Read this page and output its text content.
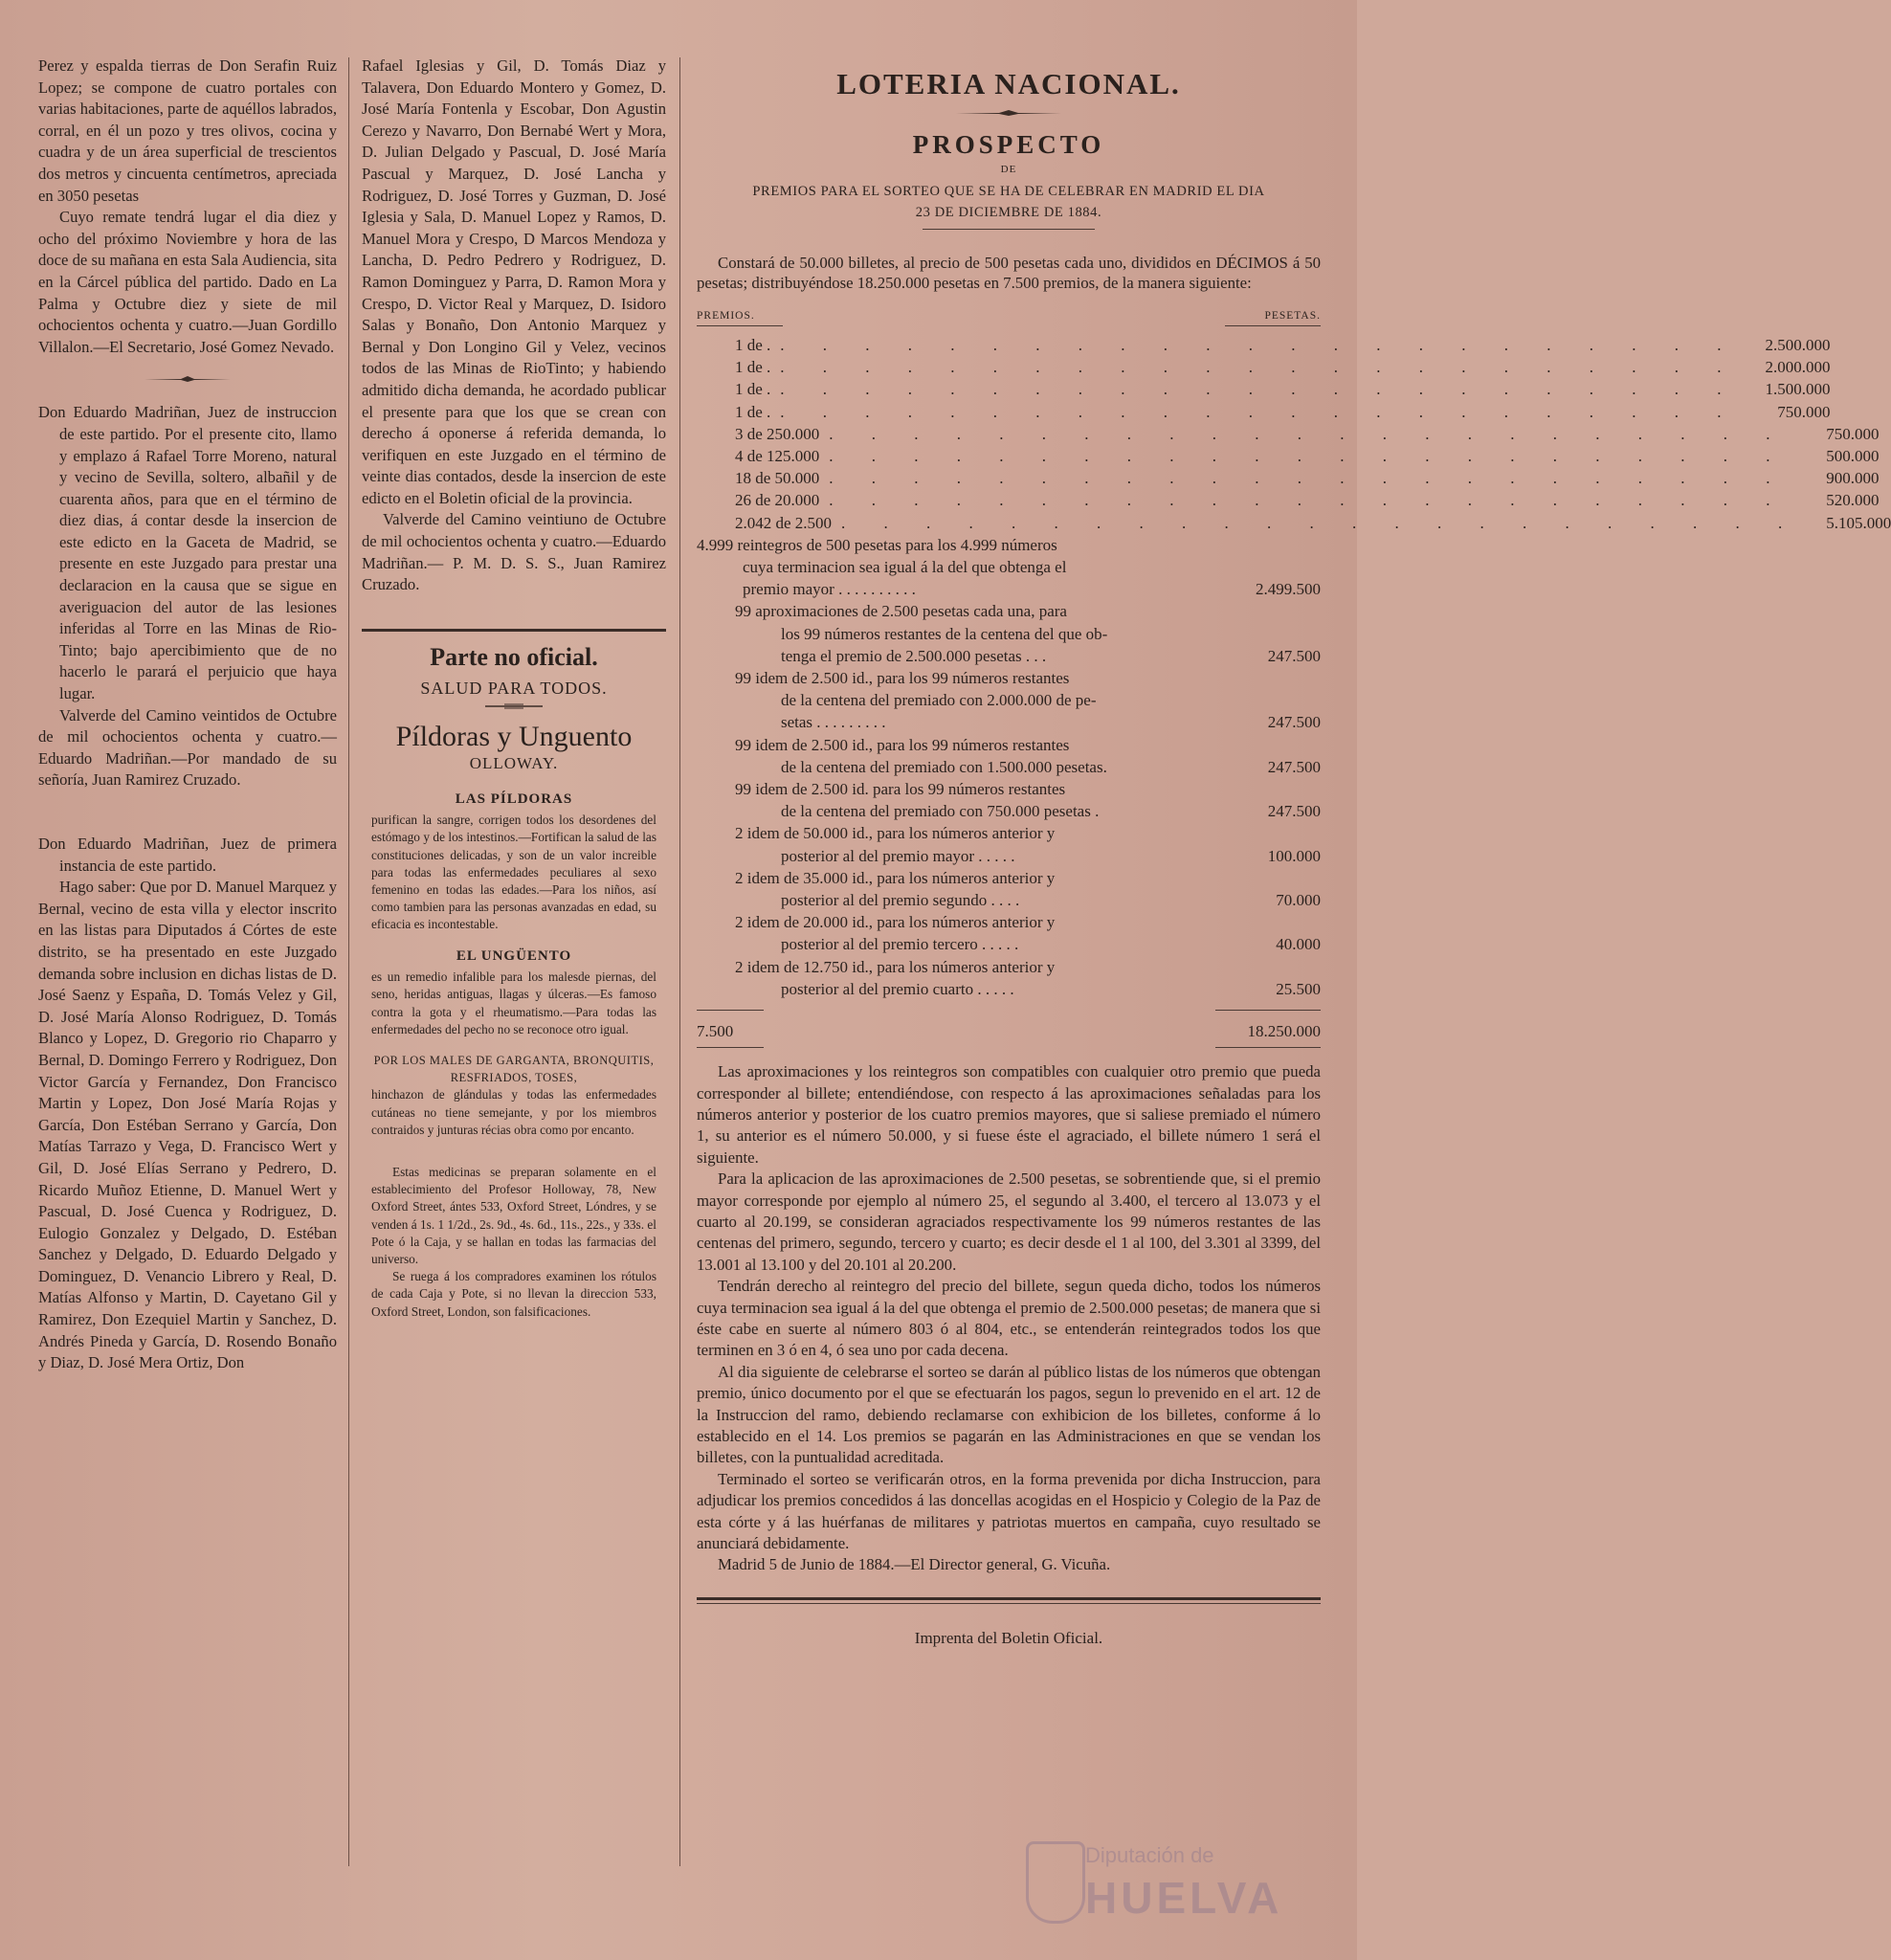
Perez y espalda tierras de Don Serafin Ruiz Lopez; se compone de cuatro portales con varias habitaciones, parte de aquéllos labrados, corral, en él un pozo y tres olivos, cocina y cuadra y de un área superficial de trescientos dos metros y cincuenta centímetros, apreciada en 3050 pesetas

Cuyo remate tendrá lugar el dia diez y ocho del próximo Noviembre y hora de las doce de su mañana en esta Sala Audiencia, sita en la Cárcel pública del partido. Dado en La Palma y Octubre diez y siete de mil ochocientos ochenta y cuatro.—Juan Gordillo Villalon.—El Secretario, José Gomez Nevado.

Don Eduardo Madriñan, Juez de instruccion de este partido. Por el presente cito, llamo y emplazo á Rafael Torre Moreno, natural y vecino de Sevilla, soltero, albañil y de cuarenta años, para que en el término de diez dias, á contar desde la insercion de este edicto en la Gaceta de Madrid, se presente en este Juzgado para prestar una declaracion en la causa que se sigue en averiguacion del autor de las lesiones inferidas al Torre en las Minas de Rio-Tinto; bajo apercibimiento que de no hacerlo le parará el perjuicio que haya lugar.

Valverde del Camino veintidos de Octubre de mil ochocientos ochenta y cuatro.—Eduardo Madriñan.—Por mandado de su señoría, Juan Ramirez Cruzado.

Don Eduardo Madriñan, Juez de primera instancia de este partido.

Hago saber: Que por D. Manuel Marquez y Bernal, vecino de esta villa y elector inscrito en las listas para Diputados á Córtes de este distrito, se ha presentado en este Juzgado demanda sobre inclusion en dichas listas de D. José Saenz y España, D. Tomás Velez y Gil, D. José María Alonso Rodriguez, D. Tomás Blanco y Lopez, D. Gregorio rio Chaparro y Bernal, D. Domingo Ferrero y Rodriguez, Don Victor García y Fernandez, Don Francisco Martin y Lopez, Don José María Rojas y García, Don Estéban Serrano y García, Don Matías Tarrazo y Vega, D. Francisco Wert y Gil, D. José Elías Serrano y Pedrero, D. Ricardo Muñoz Etienne, D. Manuel Wert y Pascual, D. José Cuenca y Rodriguez, D. Eulogio Gonzalez y Delgado, D. Estéban Sanchez y Delgado, D. Eduardo Delgado y Dominguez, D. Venancio Librero y Real, D. Matías Alfonso y Martin, D. Cayetano Gil y Ramirez, Don Ezequiel Martin y Sanchez, D. Andrés Pineda y García, D. Rosendo Bonaño y Diaz, D. José Mera Ortiz, Don

Rafael Iglesias y Gil, D. Tomás Diaz y Talavera, Don Eduardo Montero y Gomez, D. José María Fontenla y Escobar, Don Agustin Cerezo y Navarro, Don Bernabé Wert y Mora, D. Julian Delgado y Pascual, D. José María Pascual y Marquez, D. José Lancha y Rodriguez, D. José Torres y Guzman, D. José Iglesia y Sala, D. Manuel Lopez y Ramos, D. Manuel Mora y Crespo, D Marcos Mendoza y Lancha, D. Pedro Pedrero y Rodriguez, D. Ramon Dominguez y Parra, D. Ramon Mora y Crespo, D. Victor Real y Marquez, D. Isidoro Salas y Bonaño, Don Antonio Marquez y Bernal y Don Longino Gil y Velez, vecinos todos de las Minas de RioTinto; y habiendo admitido dicha demanda, he acordado publicar el presente para que los que se crean con derecho á oponerse á referida demanda, lo verifiquen en este Juzgado en el término de veinte dias contados, desde la insercion de este edicto en el Boletin oficial de la provincia.

Valverde del Camino veintiuno de Octubre de mil ochocientos ochenta y cuatro.—Eduardo Madriñan.— P. M. D. S. S., Juan Ramirez Cruzado.

Parte no oficial.
SALUD PARA TODOS.
Píldoras y Unguento
OLLOWAY.
LAS PÍLDORAS

purifican la sangre, corrigen todos los desordenes del estómago y de los intestinos.—Fortifican la salud de las constituciones delicadas, y son de un valor increible para todas las enfermedades peculiares al sexo femenino en todas las edades.—Para los niños, así como tambien para las personas avanzadas en edad, su eficacia es incontestable.

EL UNGÜENTO

es un remedio infalible para los malesde piernas, del seno, heridas antiguas, llagas y úlceras.—Es famoso contra la gota y el rheumatismo.—Para todas las enfermedades del pecho no se reconoce otro igual.

POR LOS MALES DE GARGANTA, BRONQUITIS, RESFRIADOS, TOSES,

hinchazon de glándulas y todas las enfermedades cutáneas no tiene semejante, y por los miembros contraidos y junturas récias obra como por encanto.

Estas medicinas se preparan solamente en el establecimiento del Profesor Holloway, 78, New Oxford Street, ántes 533, Oxford Street, Lóndres, y se venden á 1s. 1 1/2d., 2s. 9d., 4s. 6d., 11s., 22s., y 33s. el Pote ó la Caja, y se hallan en todas las farmacias del universo.

Se ruega á los compradores examinen los rótulos de cada Caja y Pote, si no llevan la direccion 533, Oxford Street, London, son falsificaciones.

LOTERIA NACIONAL.
PROSPECTO
DE
PREMIOS PARA EL SORTEO QUE SE HA DE CELEBRAR EN MADRID EL DIA
23 DE DICIEMBRE DE 1884.

Constará de 50.000 billetes, al precio de 500 pesetas cada uno, divididos en DÉCIMOS á 50 pesetas; distribuyéndose 18.250.000 pesetas en 7.500 premios, de la manera siguiente:

PREMIOS.	PESETAS.
1 de . . . . . . . . . . . . . . . . . . . . . . . .	2.500.000
1 de . . . . . . . . . . . . . . . . . . . . . . . .	2.000.000
1 de . . . . . . . . . . . . . . . . . . . . . . . .	1.500.000
1 de . . . . . . . . . . . . . . . . . . . . . . . .	750.000
3 de 250.000 . . . . . . . . . . . . . . . . . . . . . . .	750.000
4 de 125.000 . . . . . . . . . . . . . . . . . . . . . . .	500.000
18 de 50.000 . . . . . . . . . . . . . . . . . . . . . . .	900.000
26 de 20.000 . . . . . . . . . . . . . . . . . . . . . . .	520.000
2.042 de 2.500 . . . . . . . . . . . . . . . . . . . . . . .	5.105.000
4.999 reintegros de 500 pesetas para los 4.999 números
cuya terminacion sea igual á la del que obtenga el
premio mayor . . . . . . . . . .	2.499.500
99 aproximaciones de 2.500 pesetas cada una, para
los 99 números restantes de la centena del que ob-
tenga el premio de 2.500.000 pesetas . . .	247.500
99 idem de 2.500 id., para los 99 números restantes
de la centena del premiado con 2.000.000 de pe-
setas . . . . . . . . .	247.500
99 idem de 2.500 id., para los 99 números restantes
de la centena del premiado con 1.500.000 pesetas.	247.500
99 idem de 2.500 id. para los 99 números restantes
de la centena del premiado con 750.000 pesetas .	247.500
2 idem de 50.000 id., para los números anterior y
posterior al del premio mayor . . . . .	100.000
2 idem de 35.000 id., para los números anterior y
posterior al del premio segundo . . . .	70.000
2 idem de 20.000 id., para los números anterior y
posterior al del premio tercero . . . . .	40.000
2 idem de 12.750 id., para los números anterior y
posterior al del premio cuarto . . . . .	25.500
7.500	18.250.000

Las aproximaciones y los reintegros son compatibles con cualquier otro premio que pueda corresponder al billete; entendiéndose, con respecto á las aproximaciones señaladas para los números anterior y posterior de los cuatro premios mayores, que si saliese premiado el número 1, su anterior es el número 50.000, y si fuese éste el agraciado, el billete número 1 será el siguiente.

Para la aplicacion de las aproximaciones de 2.500 pesetas, se sobrentiende que, si el premio mayor corresponde por ejemplo al número 25, el segundo al 3.400, el tercero al 13.073 y el cuarto al 20.199, se consideran agraciados respectivamente los 99 números restantes de las centenas del primero, segundo, tercero y cuarto; es decir desde el 1 al 100, del 3.301 al 3399, del 13.001 al 13.100 y del 20.101 al 20.200.

Tendrán derecho al reintegro del precio del billete, segun queda dicho, todos los números cuya terminacion sea igual á la del que obtenga el premio de 2.500.000 pesetas; de manera que si éste cabe en suerte al número 803 ó al 804, etc., se entenderán reintegrados todos los que terminen en 3 ó en 4, ó sea uno por cada decena.

Al dia siguiente de celebrarse el sorteo se darán al público listas de los números que obtengan premio, único documento por el que se efectuarán los pagos, segun lo prevenido en el art. 12 de la Instruccion del ramo, debiendo reclamarse con exhibicion de los billetes, conforme á lo establecido en el 14. Los premios se pagarán en las Administraciones en que se vendan los billetes, con la puntualidad acreditada.

Terminado el sorteo se verificarán otros, en la forma prevenida por dicha Instruccion, para adjudicar los premios concedidos á las doncellas acogidas en el Hospicio y Colegio de la Paz de esta córte y á las huérfanas de militares y patriotas muertos en campaña, cuyo resultado se anunciará debidamente.

Madrid 5 de Junio de 1884.—El Director general, G. Vicuña.

Imprenta del Boletin Oficial.
Diputación de
HUELVA
